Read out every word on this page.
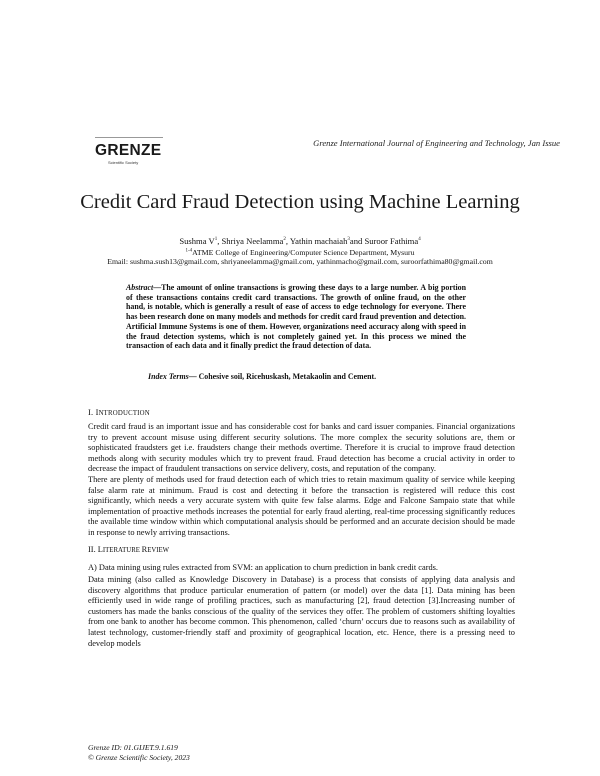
Grenze International Journal of Engineering and Technology, Jan Issue
GRENZE
Scientific Society
Credit Card Fraud Detection using Machine Learning
Sushma $V^1$, Shriya Neelamma$^2$, Yathin machaiah$^3$and Suroor Fathima$^4$
$^{1-4}$ATME College of Engineering/Computer Science Department, Mysuru
Email: sushma.sush13@gmail.com, shriyaneelamma@gmail.com, yathinmacho@gmail.com, suroorfathima80@gmail.com
Abstract—The amount of online transactions is growing these days to a large number. A big portion of these transactions contains credit card transactions. The growth of online fraud, on the other hand, is notable, which is generally a result of ease of access to edge technology for everyone. There has been research done on many models and methods for credit card fraud prevention and detection. Artificial Immune Systems is one of them. However, organizations need accuracy along with speed in the fraud detection systems, which is not completely gained yet. In this process we mined the transaction of each data and it finally predict the fraud detection of data.
Index Terms— Cohesive soil, Ricehuskash, Metakaolin and Cement.
I. INTRODUCTION
Credit card fraud is an important issue and has considerable cost for banks and card issuer companies. Financial organizations try to prevent account misuse using different security solutions. The more complex the security solutions are, them or sophisticated fraudsters get i.e. fraudsters change their methods overtime. Therefore it is crucial to improve fraud detection methods along with security modules which try to prevent fraud. Fraud detection has become a crucial activity in order to decrease the impact of fraudulent transactions on service delivery, costs, and reputation of the company.
There are plenty of methods used for fraud detection each of which tries to retain maximum quality of service while keeping false alarm rate at minimum. Fraud is cost and detecting it before the transaction is registered will reduce this cost significantly, which needs a very accurate system with quite few false alarms. Edge and Falcone Sampaio state that while implementation of proactive methods increases the potential for early fraud alerting, real-time processing significantly reduces the available time window within which computational analysis should be performed and an accurate decision should be made in response to newly arriving transactions.
II. LITERATURE REVIEW
A) Data mining using rules extracted from SVM: an application to churn prediction in bank credit cards.
Data mining (also called as Knowledge Discovery in Database) is a process that consists of applying data analysis and discovery algorithms that produce particular enumeration of pattern (or model) over the data [1]. Data mining has been efficiently used in wide range of profiling practices, such as manufacturing [2], fraud detection [3].Increasing number of customers has made the banks conscious of the quality of the services they offer. The problem of customers shifting loyalties from one bank to another has become common. This phenomenon, called ‘churn’ occurs due to reasons such as availability of latest technology, customer-friendly staff and proximity of geographical location, etc. Hence, there is a pressing need to develop models
Grenze ID: 01.GIJET.9.1.619
© Grenze Scientific Society, 2023
